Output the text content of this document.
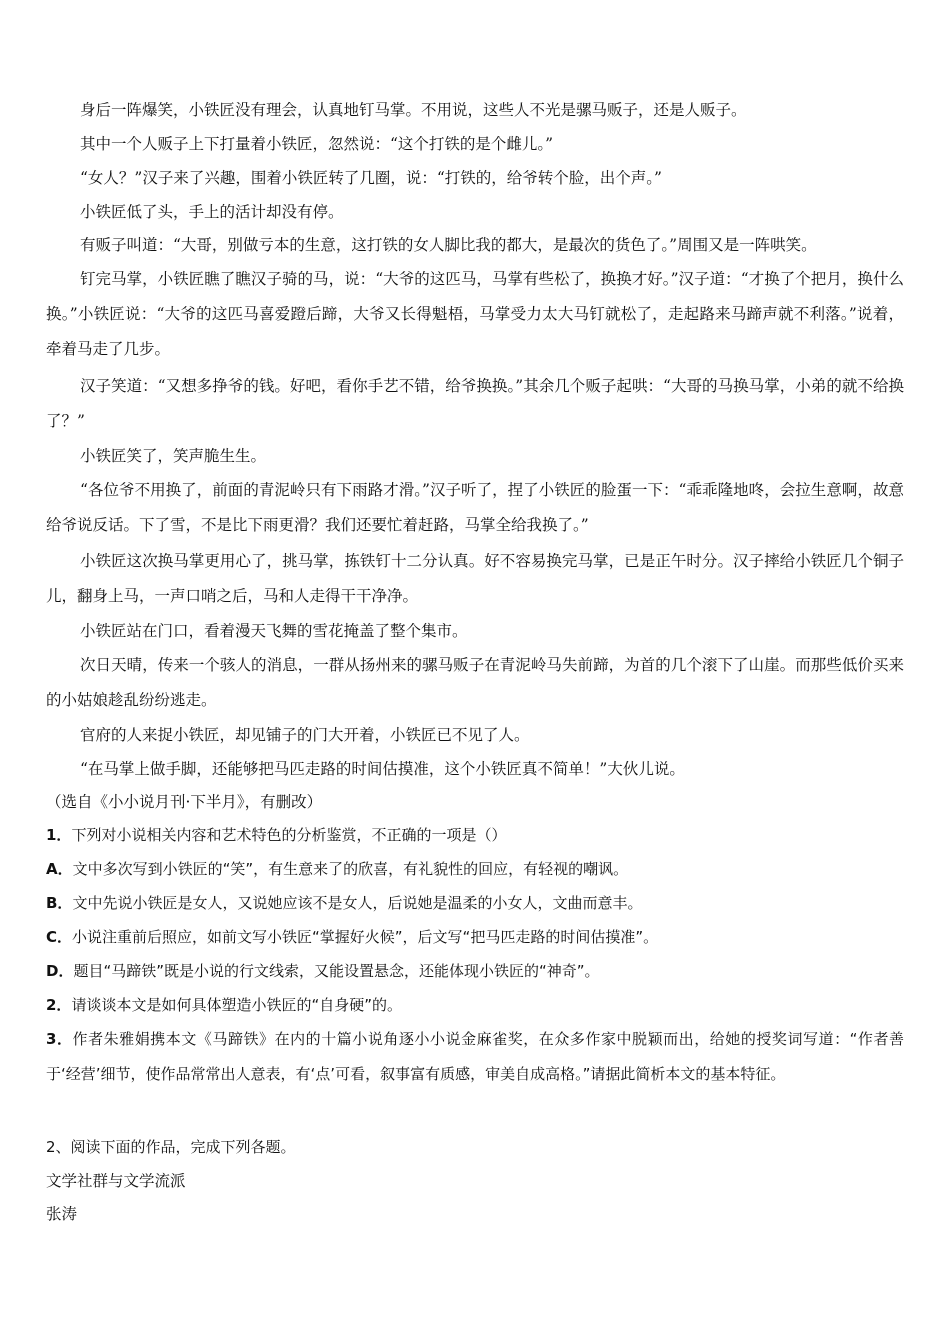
身后一阵爆笑，小铁匠没有理会，认真地钉马掌。不用说，这些人不光是骡马贩子，还是人贩子。

其中一个人贩子上下打量着小铁匠，忽然说：“这个打铁的是个雌儿。”

“女人？”汉子来了兴趣，围着小铁匠转了几圈，说：“打铁的，给爷转个脸，出个声。”

小铁匠低了头，手上的活计却没有停。

有贩子叫道：“大哥，别做亏本的生意，这打铁的女人脚比我的都大，是最次的货色了。”周围又是一阵哄笑。

钉完马掌，小铁匠瞧了瞧汉子骑的马，说：“大爷的这匹马，马掌有些松了，换换才好。”汉子道：“才换了个把月，换什么换。”小铁匠说：“大爷的这匹马喜爱蹬后蹄，大爷又长得魁梧，马掌受力太大马钉就松了，走起路来马蹄声就不利落。”说着，牵着马走了几步。

汉子笑道：“又想多挣爷的钱。好吧，看你手艺不错，给爷换换。”其余几个贩子起哄：“大哥的马换马掌，小弟的就不给换了？”

小铁匠笑了，笑声脆生生。

“各位爷不用换了，前面的青泥岭只有下雨路才滑。”汉子听了，捏了小铁匠的脸蛋一下：“乖乖隆地咚，会拉生意啊，故意给爷说反话。下了雪，不是比下雨更滑？我们还要忙着赶路，马掌全给我换了。”

小铁匠这次换马掌更用心了，挑马掌，拣铁钉十二分认真。好不容易换完马掌，已是正午时分。汉子摔给小铁匠几个铜子儿，翻身上马，一声口哨之后，马和人走得干干净净。

小铁匠站在门口，看着漫天飞舞的雪花掩盖了整个集市。

次日天晴，传来一个骇人的消息，一群从扬州来的骡马贩子在青泥岭马失前蹄，为首的几个滚下了山崖。而那些低价买来的小姑娘趁乱纷纷逃走。

官府的人来捉小铁匠，却见铺子的门大开着，小铁匠已不见了人。

“在马掌上做手脚，还能够把马匹走路的时间估摸准，这个小铁匠真不简单！”大伙儿说。

（选自《小小说月刊·下半月》，有删改）

1．下列对小说相关内容和艺术特色的分析鉴赏，不正确的一项是（）

A．文中多次写到小铁匠的“笑”，有生意来了的欣喜，有礼貌性的回应，有轻视的嘲讽。

B．文中先说小铁匠是女人，又说她应该不是女人，后说她是温柔的小女人，文曲而意丰。

C．小说注重前后照应，如前文写小铁匠“掌握好火候”，后文写“把马匹走路的时间估摸准”。

D．题目“马蹄铁”既是小说的行文线索，又能设置悬念，还能体现小铁匠的“神奇”。

2．请谈谈本文是如何具体塑造小铁匠的“自身硬”的。

3．作者朱雅娟携本文《马蹄铁》在内的十篇小说角逐小小说金麻雀奖，在众多作家中脱颖而出，给她的授奖词写道：“作者善于‘经营’细节，使作品常常出人意表，有‘点’可看，叙事富有质感，审美自成高格。”请据此简析本文的基本特征。

2、阅读下面的作品，完成下列各题。

文学社群与文学流派

张涛
